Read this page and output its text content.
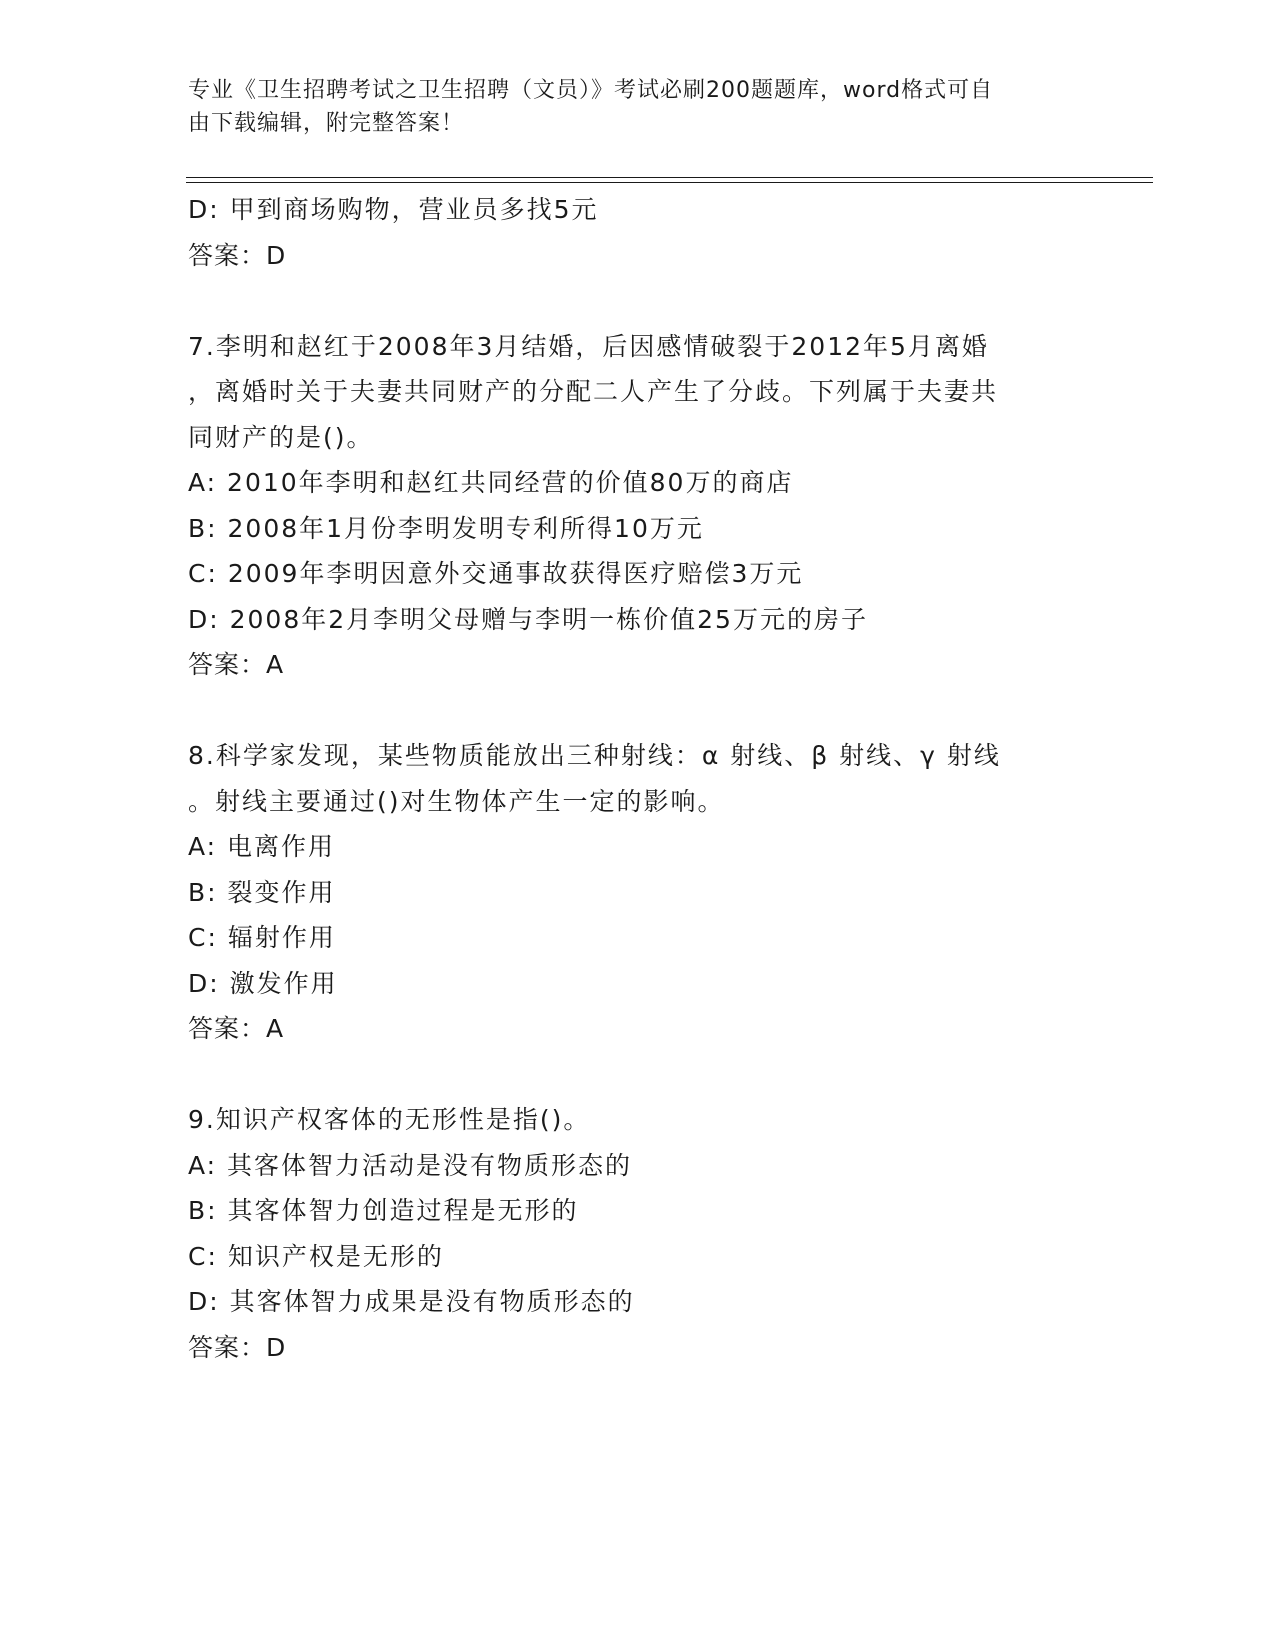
专业《卫生招聘考试之卫生招聘（文员）》考试必刷200题题库，word格式可自
由下载编辑，附完整答案！
D: 甲到商场购物，营业员多找5元
答案：D
7.李明和赵红于2008年3月结婚，后因感情破裂于2012年5月离婚
，离婚时关于夫妻共同财产的分配二人产生了分歧。下列属于夫妻共
同财产的是()。
A: 2010年李明和赵红共同经营的价值80万的商店
B: 2008年1月份李明发明专利所得10万元
C: 2009年李明因意外交通事故获得医疗赔偿3万元
D: 2008年2月李明父母赠与李明一栋价值25万元的房子
答案：A
8.科学家发现，某些物质能放出三种射线：α 射线、β 射线、γ 射线
。射线主要通过()对生物体产生一定的影响。
A: 电离作用
B: 裂变作用
C: 辐射作用
D: 激发作用
答案：A
9.知识产权客体的无形性是指()。
A: 其客体智力活动是没有物质形态的
B: 其客体智力创造过程是无形的
C: 知识产权是无形的
D: 其客体智力成果是没有物质形态的
答案：D
